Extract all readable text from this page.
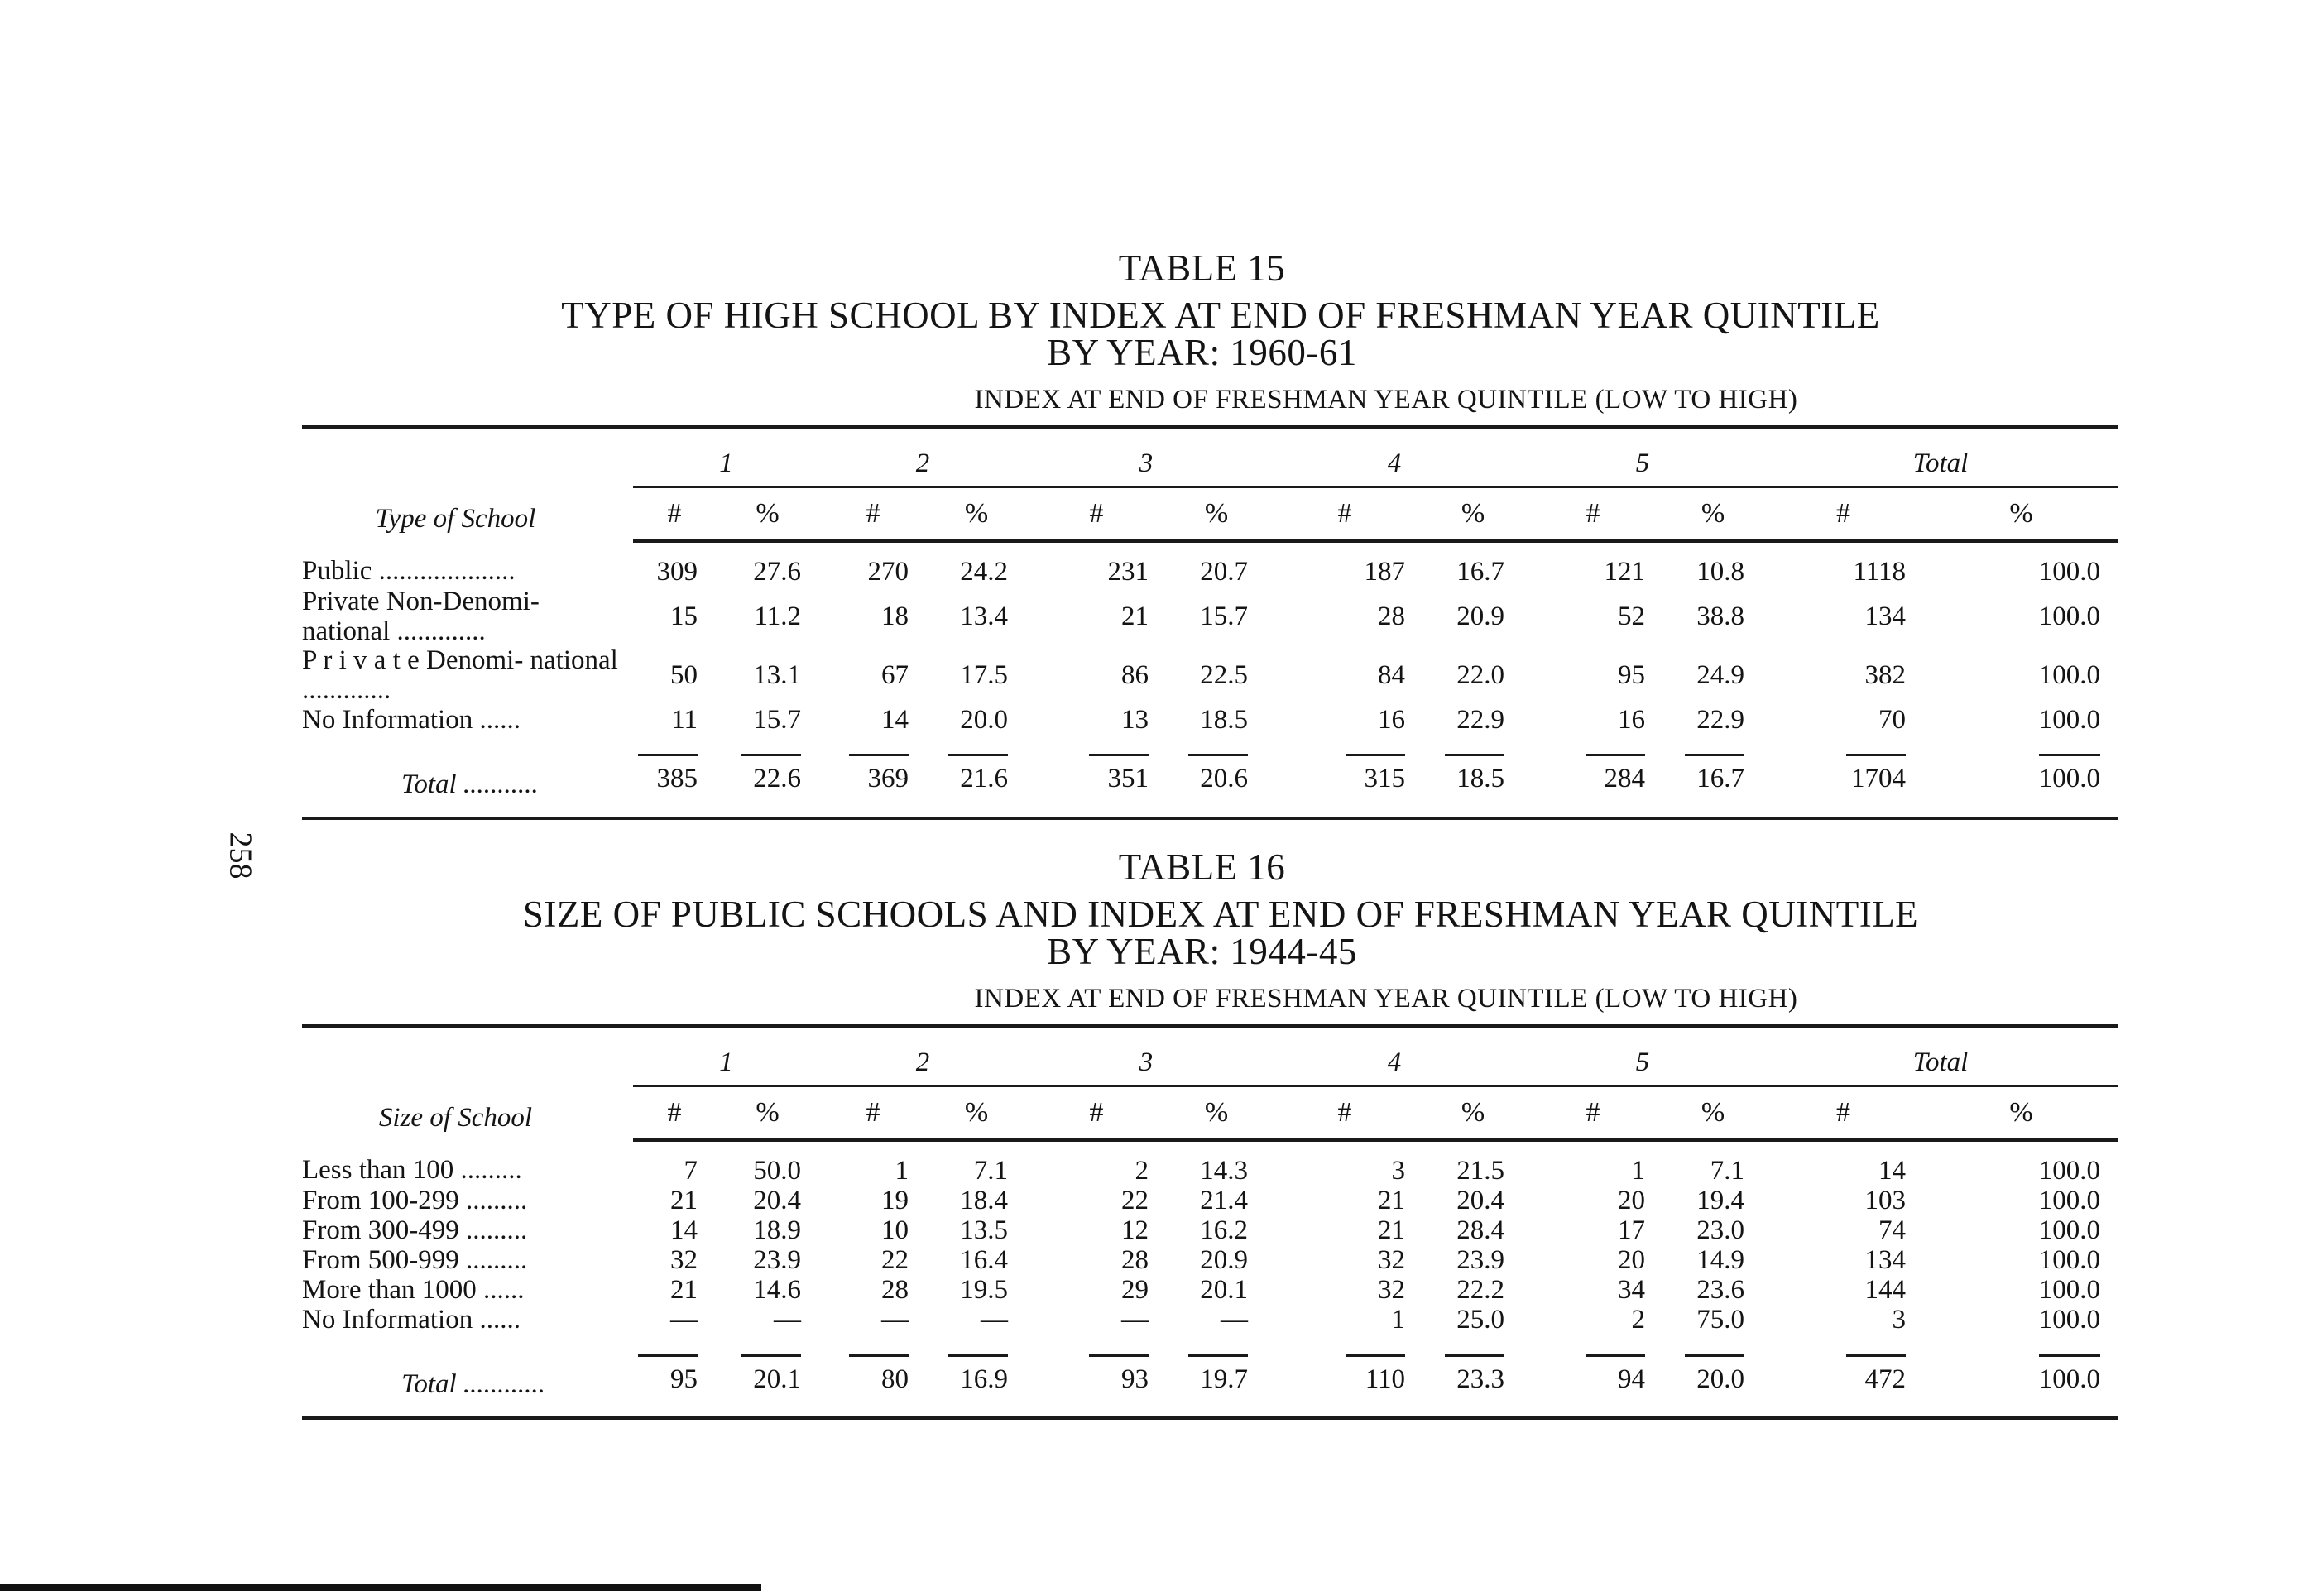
258
TABLE 15
TYPE OF HIGH SCHOOL BY INDEX AT END OF FRESHMAN YEAR QUINTILE
BY YEAR: 1960-61
INDEX AT END OF FRESHMAN YEAR QUINTILE (LOW TO HIGH)
Type of School	1		2		3		4		5		Total	
	#	%	#	%	#	%	#	%	#	%	#	%
Public ....................	309	27.6	270	24.2	231	20.7	187	16.7	121	10.8	1118	100.0
Private Non-Denomi- national .............	15	11.2	18	13.4	21	15.7	28	20.9	52	38.8	134	100.0
P r i v a t e Denomi- national .............	50	13.1	67	17.5	86	22.5	84	22.0	95	24.9	382	100.0
No Information ......	11	15.7	14	20.0	13	18.5	16	22.9	16	22.9	70	100.0
Total ...........	385	22.6	369	21.6	351	20.6	315	18.5	284	16.7	1704	100.0
TABLE 16
SIZE OF PUBLIC SCHOOLS AND INDEX AT END OF FRESHMAN YEAR QUINTILE
BY YEAR: 1944-45
INDEX AT END OF FRESHMAN YEAR QUINTILE (LOW TO HIGH)
Size of School	1		2		3		4		5		Total	
	#	%	#	%	#	%	#	%	#	%	#	%
Less than 100 .........	7	50.0	1	7.1	2	14.3	3	21.5	1	7.1	14	100.0
From 100-299 .........	21	20.4	19	18.4	22	21.4	21	20.4	20	19.4	103	100.0
From 300-499 .........	14	18.9	10	13.5	12	16.2	21	28.4	17	23.0	74	100.0
From 500-999 .........	32	23.9	22	16.4	28	20.9	32	23.9	20	14.9	134	100.0
More than 1000 ......	21	14.6	28	19.5	29	20.1	32	22.2	34	23.6	144	100.0
No Information ......	—	—	—	—	—	—	1	25.0	2	75.0	3	100.0
Total ............	95	20.1	80	16.9	93	19.7	110	23.3	94	20.0	472	100.0
